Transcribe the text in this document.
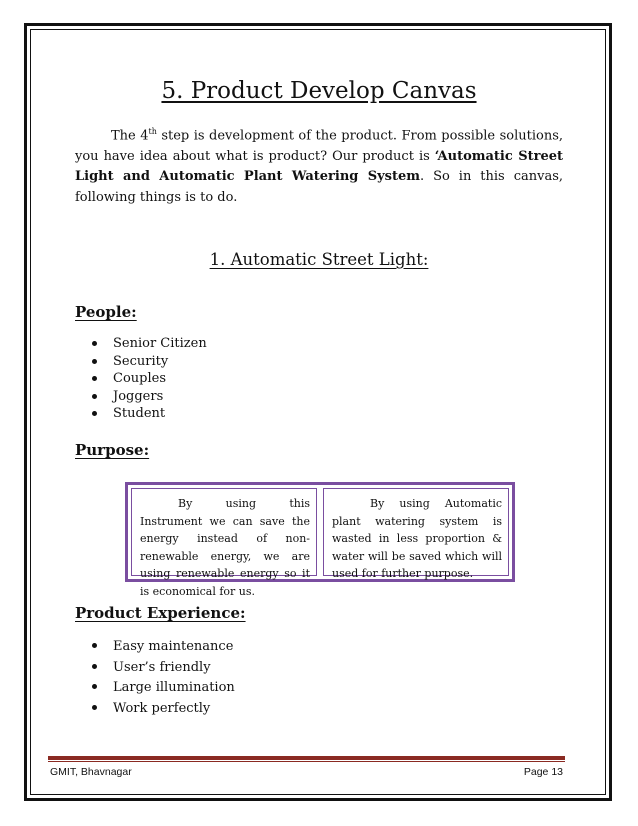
5. Product Develop Canvas

The 4th step is development of the product. From possible solutions, you have idea about what is product? Our product is ‘Automatic Street Light and Automatic Plant Watering System. So in this canvas, following things is to do.

1. Automatic Street Light:
People:
Senior Citizen
Security
Couples
Joggers
Student
Purpose:
By using this Instrument we can save the energy instead of non-renewable energy, we are using renewable energy so it is economical for us.
By using Automatic plant watering system is wasted in less proportion & water will be saved which will used for further purpose.
Product Experience:
Easy maintenance
User’s friendly
Large illumination
Work perfectly
GMIT, Bhavnagar	Page 13
